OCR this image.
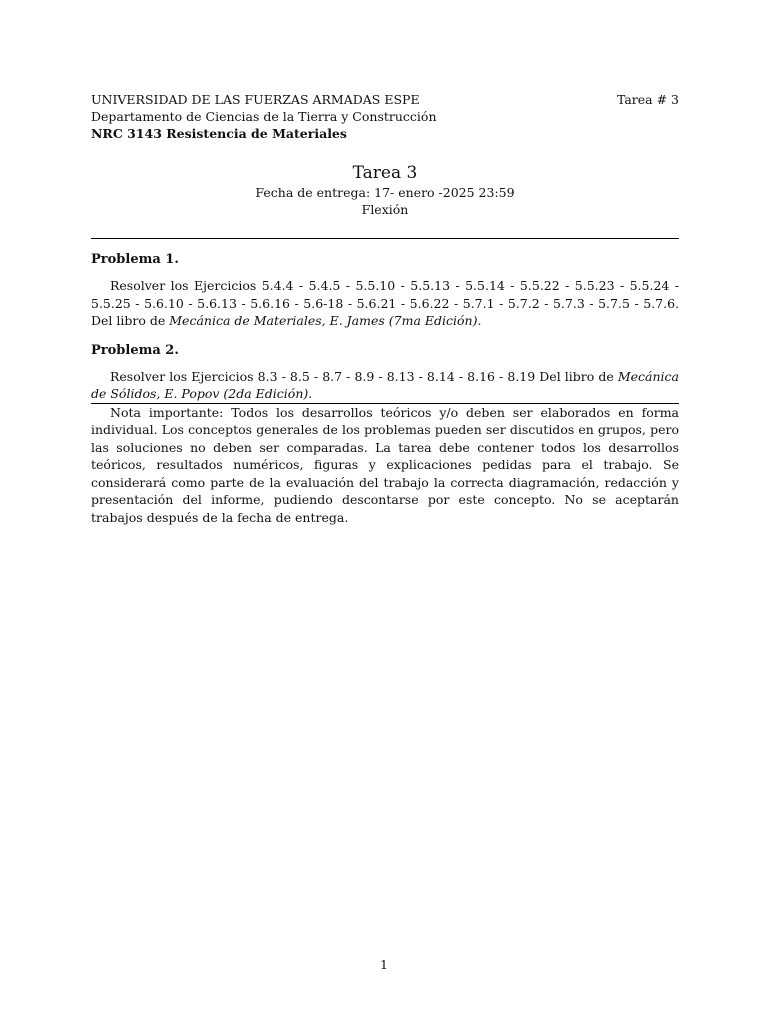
UNIVERSIDAD DE LAS FUERZAS ARMADAS ESPE	Tarea # 3
Departamento de Ciencias de la Tierra y Construcción
NRC 3143 Resistencia de Materiales
Tarea 3
Fecha de entrega: 17- enero -2025 23:59
Flexión
Problema 1.
Resolver los Ejercicios 5.4.4 - 5.4.5 - 5.5.10 - 5.5.13 - 5.5.14 - 5.5.22 - 5.5.23 - 5.5.24 - 5.5.25 - 5.6.10 - 5.6.13 - 5.6.16 - 5.6-18 - 5.6.21 - 5.6.22 - 5.7.1 - 5.7.2 - 5.7.3 - 5.7.5 - 5.7.6. Del libro de Mecánica de Materiales, E. James (7ma Edición).
Problema 2.
Resolver los Ejercicios 8.3 - 8.5 - 8.7 - 8.9 - 8.13 - 8.14 - 8.16 - 8.19 Del libro de Mecánica de Sólidos, E. Popov (2da Edición).
Nota importante: Todos los desarrollos teóricos y/o deben ser elaborados en forma individual. Los conceptos generales de los problemas pueden ser discutidos en grupos, pero las soluciones no deben ser comparadas. La tarea debe contener todos los desarrollos teóricos, resultados numéricos, figuras y explicaciones pedidas para el trabajo. Se considerará como parte de la evaluación del trabajo la correcta diagramación, redacción y presentación del informe, pudiendo descontarse por este concepto. No se aceptarán trabajos después de la fecha de entrega.
1
